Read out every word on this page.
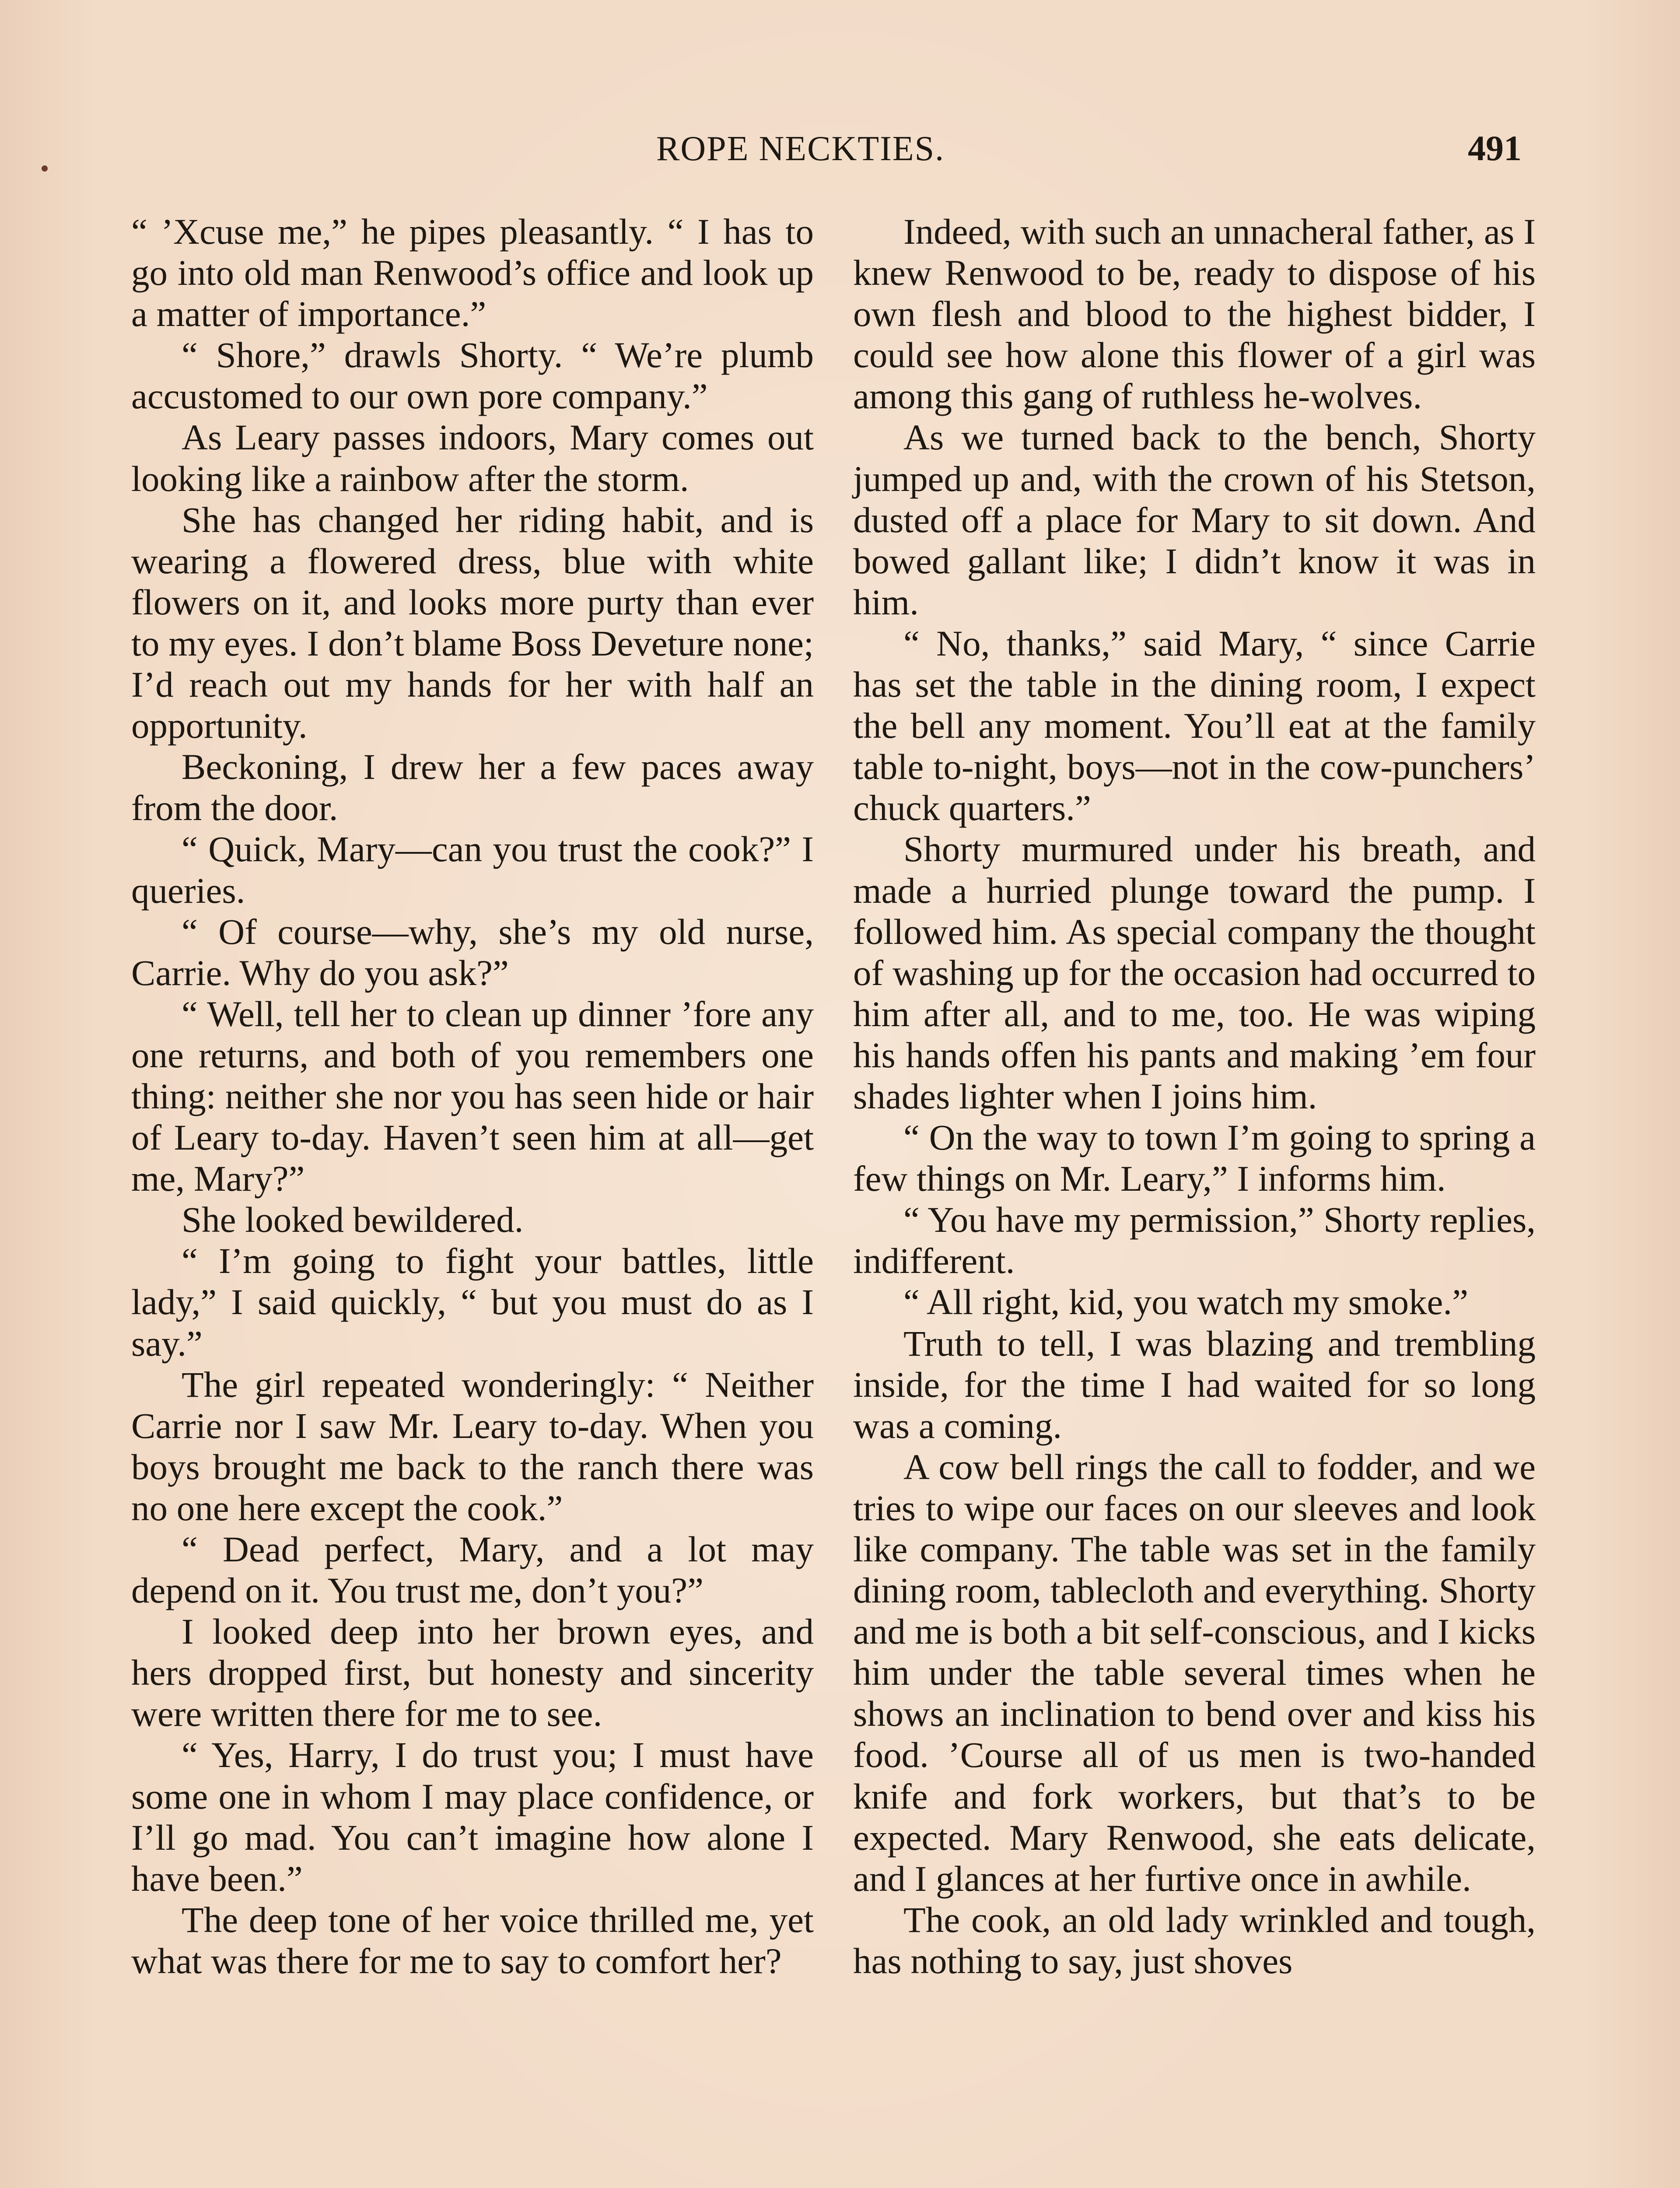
ROPE NECKTIES.	491

“ ’Xcuse me,” he pipes pleasantly. “ I has to go into old man Renwood’s office and look up a matter of importance.”

“ Shore,” drawls Shorty. “ We’re plumb accustomed to our own pore company.”

As Leary passes indoors, Mary comes out looking like a rainbow after the storm.

She has changed her riding habit, and is wearing a flowered dress, blue with white flowers on it, and looks more purty than ever to my eyes. I don’t blame Boss Deveture none; I’d reach out my hands for her with half an opportunity.

Beckoning, I drew her a few paces away from the door.

“ Quick, Mary—can you trust the cook?” I queries.

“ Of course—why, she’s my old nurse, Carrie. Why do you ask?”

“ Well, tell her to clean up dinner ’fore any one returns, and both of you remembers one thing: neither she nor you has seen hide or hair of Leary to-day. Haven’t seen him at all—get me, Mary?”

She looked bewildered.

“ I’m going to fight your battles, little lady,” I said quickly, “ but you must do as I say.”

The girl repeated wonderingly: “ Neither Carrie nor I saw Mr. Leary to-day. When you boys brought me back to the ranch there was no one here except the cook.”

“ Dead perfect, Mary, and a lot may depend on it. You trust me, don’t you?”

I looked deep into her brown eyes, and hers dropped first, but honesty and sincerity were written there for me to see.

“ Yes, Harry, I do trust you; I must have some one in whom I may place confidence, or I’ll go mad. You can’t imagine how alone I have been.”

The deep tone of her voice thrilled me, yet what was there for me to say to comfort her?

Indeed, with such an unnacheral father, as I knew Renwood to be, ready to dispose of his own flesh and blood to the highest bidder, I could see how alone this flower of a girl was among this gang of ruthless he-wolves.

As we turned back to the bench, Shorty jumped up and, with the crown of his Stetson, dusted off a place for Mary to sit down. And bowed gallant like; I didn’t know it was in him.

“ No, thanks,” said Mary, “ since Carrie has set the table in the dining room, I expect the bell any moment. You’ll eat at the family table to-night, boys—not in the cow-punchers’ chuck quarters.”

Shorty murmured under his breath, and made a hurried plunge toward the pump. I followed him. As special company the thought of washing up for the occasion had occurred to him after all, and to me, too. He was wiping his hands offen his pants and making ’em four shades lighter when I joins him.

“ On the way to town I’m going to spring a few things on Mr. Leary,” I informs him.

“ You have my permission,” Shorty replies, indifferent.

“ All right, kid, you watch my smoke.”

Truth to tell, I was blazing and trembling inside, for the time I had waited for so long was a coming.

A cow bell rings the call to fodder, and we tries to wipe our faces on our sleeves and look like company. The table was set in the family dining room, tablecloth and everything. Shorty and me is both a bit self-conscious, and I kicks him under the table several times when he shows an inclination to bend over and kiss his food. ’Course all of us men is two-handed knife and fork workers, but that’s to be expected. Mary Renwood, she eats delicate, and I glances at her furtive once in awhile.

The cook, an old lady wrinkled and tough, has nothing to say, just shoves
